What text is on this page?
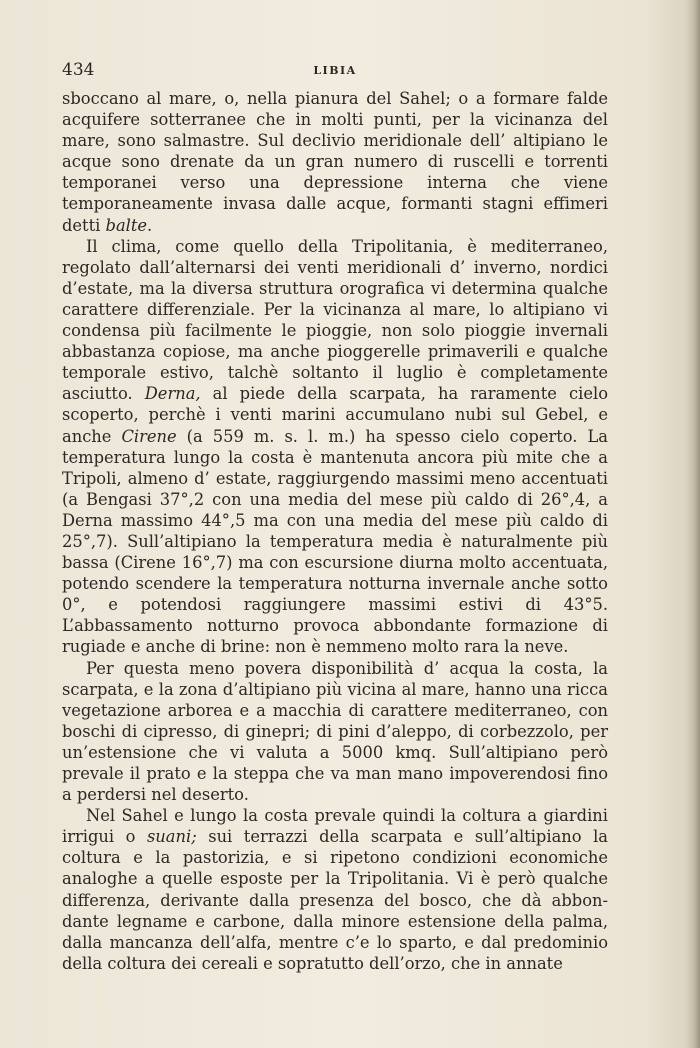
434	LIBIA

sboccano al mare, o, nella pianura del Sahel; o a formare falde acquifere sotterranee che in molti punti, per la vicinanza del mare, sono salmastre. Sul declivio meridionale dell’ altipiano le acque sono drenate da un gran numero di ruscelli e torrenti temporanei verso una depressione interna che viene temporaneamente invasa dalle acque, formanti stagni effimeri detti balte.

Il clima, come quello della Tripolitania, è mediterraneo, regolato dall’alternarsi dei venti meridionali d’ inverno, nordici d’estate, ma la diversa struttura orografica vi determina qualche carattere differenziale. Per la vicinanza al mare, lo altipiano vi condensa più facilmente le pioggie, non solo pioggie invernali abbastanza copiose, ma anche pioggerelle primaverili e qualche temporale estivo, talchè soltanto il luglio è completamente asciutto. Derna, al piede della scarpata, ha raramente cielo scoperto, perchè i venti marini accumulano nubi sul Gebel, e anche Cirene (a 559 m. s. l. m.) ha spesso cielo coperto. La temperatura lungo la costa è mantenuta ancora più mite che a Tripoli, almeno d’ estate, raggiurgendo massimi meno accentuati (a Bengasi 37°,2 con una media del mese più caldo di 26°,4, a Derna massimo 44°,5 ma con una media del mese più caldo di 25°,7). Sull’altipiano la temperatura media è naturalmente più bassa (Cirene 16°,7) ma con escursione diurna molto accentuata, potendo scendere la temperatura notturna invernale anche sotto 0°, e potendosi raggiungere massimi estivi di 43°5. L’abbassamento notturno provoca abbondante formazione di rugiade e anche di brine: non è nemmeno molto rara la neve.

Per questa meno povera disponibilità d’ acqua la costa, la scarpata, e la zona d’altipiano più vicina al mare, hanno una ricca vegetazione arborea e a macchia di carattere mediterraneo, con boschi di cipresso, di ginepri; di pini d’aleppo, di corbezzolo, per un’estensione che vi valuta a 5000 kmq. Sull’altipiano però prevale il prato e la steppa che va man mano impoverendosi fino a perdersi nel deserto.

Nel Sahel e lungo la costa prevale quindi la coltura a giardini irrigui o suani; sui terrazzi della scarpata e sull’altipiano la coltura e la pastorizia, e si ripetono condizioni economiche analoghe a quelle esposte per la Tripolitania. Vi è però qualche differenza, derivante dalla presenza del bosco, che dà abbondante legname e carbone, dalla minore estensione della palma, dalla mancanza dell’alfa, mentre c’e lo sparto, e dal predominio della coltura dei cereali e sopratutto dell’orzo, che in annate
